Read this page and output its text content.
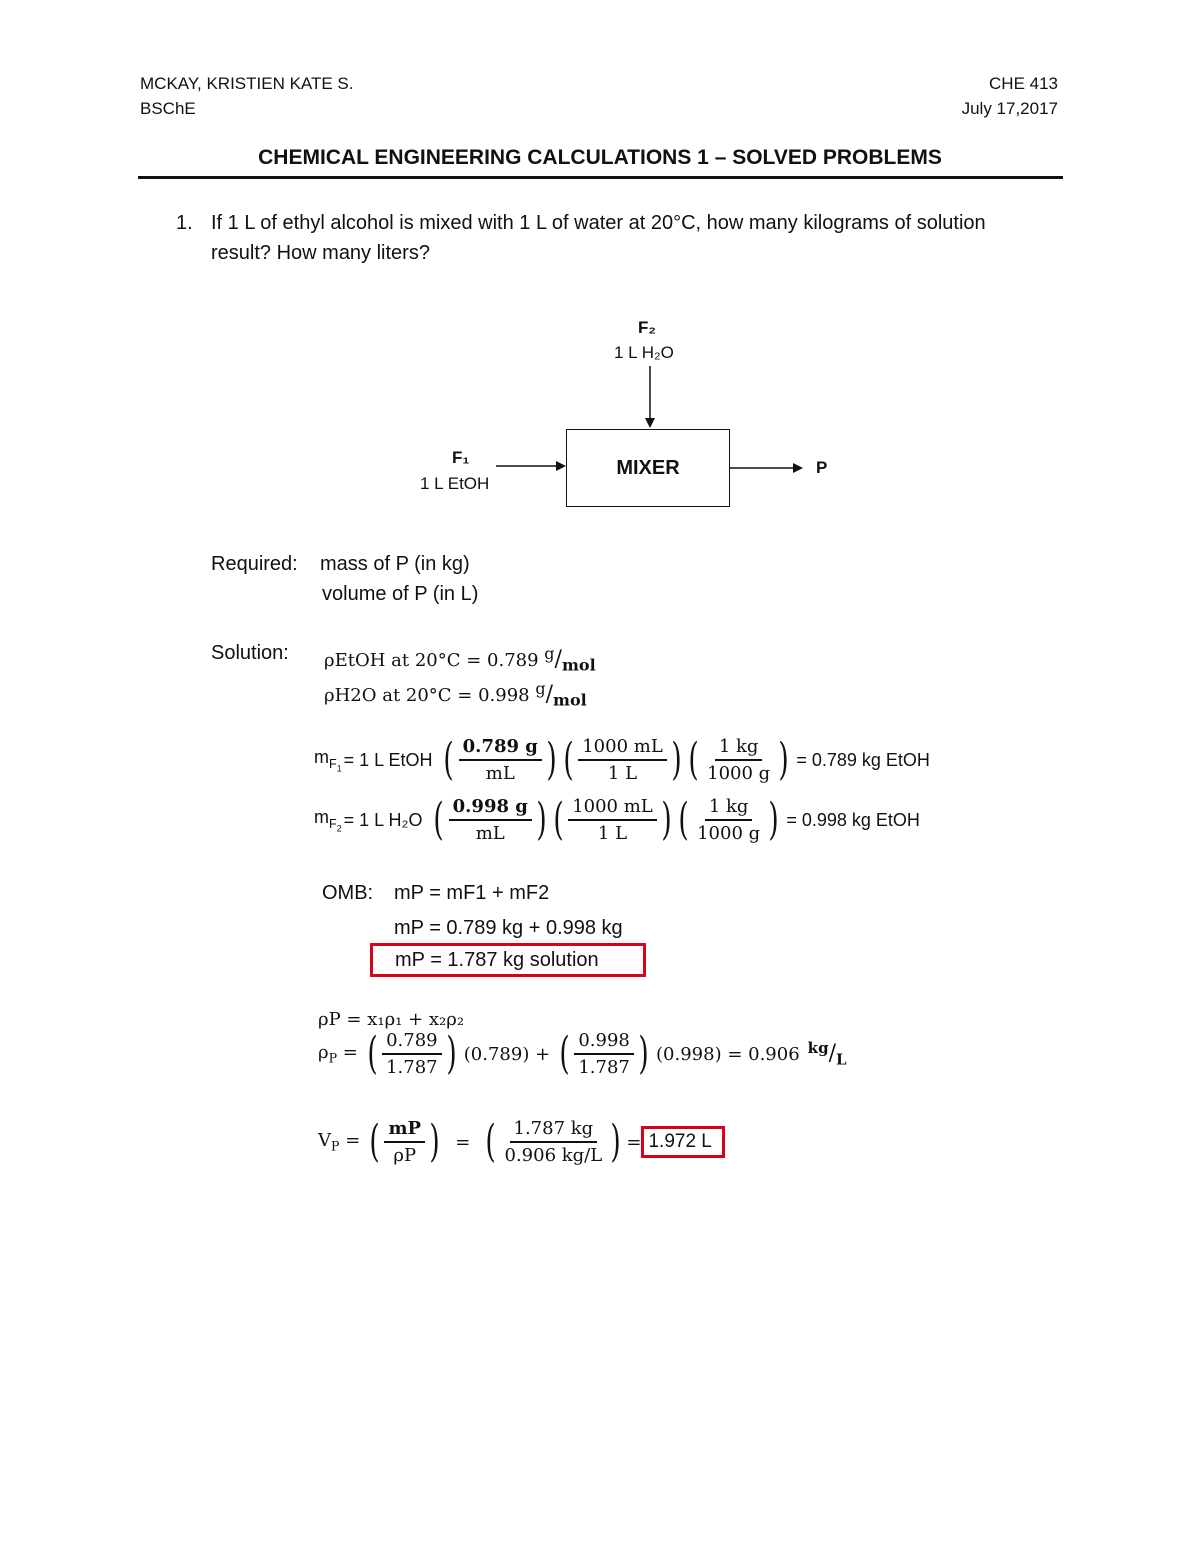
MCKAY, KRISTIEN KATE S.
BSChE
CHE 413
July 17,2017
CHEMICAL ENGINEERING CALCULATIONS 1 – SOLVED PROBLEMS
1. If 1 L of ethyl alcohol is mixed with 1 L of water at 20°C, how many kilograms of solution
result? How many liters?
F₂
1 L H₂O
F₁
1 L EtOH
MIXER	P
Required: mass of P (in kg)
volume of P (in L)
Solution: ρEtOH at 20°C = 0.789 $^g/_{mol}$
ρH2O at 20°C = 0.998 $^g/_{mol}$
$m_{F_1} = 1$ L EtOH ( $\frac{0.789 g}{mL}$ ) ( $\frac{1000 mL}{1 L}$ ) ( $\frac{1 kg}{1000 g}$ ) = 0.789 kg EtOH
$m_{F_2} = 1$ L H₂O ( $\frac{0.998 g}{mL}$ ) ( $\frac{1000 mL}{1 L}$ ) ( $\frac{1 kg}{1000 g}$ ) = 0.998 kg EtOH
OMB: mP = mF1 + mF2
mP = 0.789 kg + 0.998 kg
mP = 1.787 kg solution
ρP = x₁ρ₁ + x₂ρ₂
$\rho_P$ = ( $\frac{0.789}{1.787}$ ) (0.789) + ( $\frac{0.998}{1.787}$ ) (0.998) = 0.906 $^{kg}/_L$
$V_P$ = ( $\frac{mP}{\rho P}$ ) = ( $\frac{1.787 kg}{0.906 kg/L}$ ) = 1.972 L
